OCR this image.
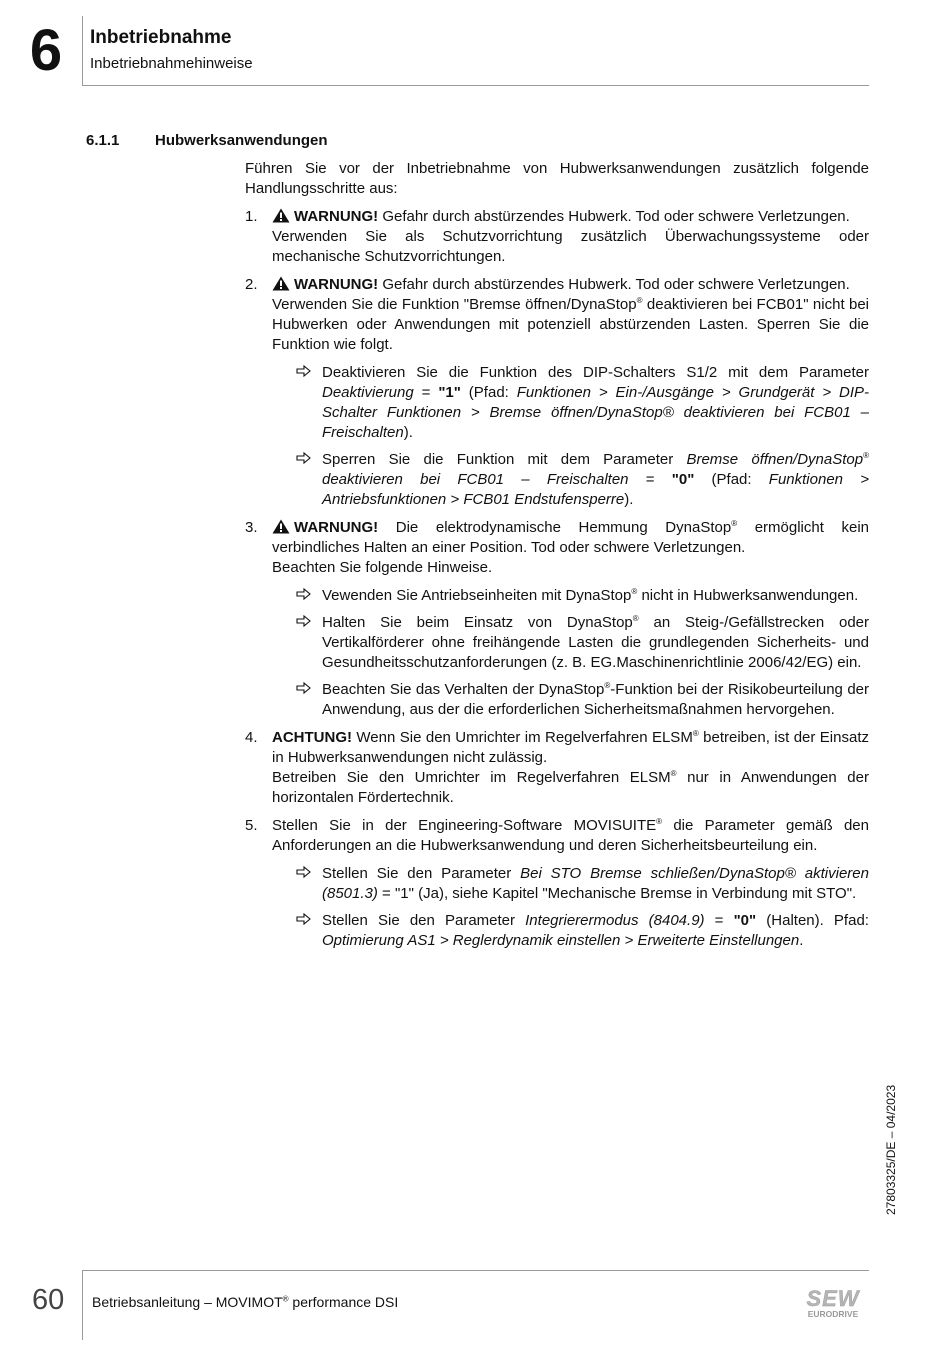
6	Inbetriebnahme
Inbetriebnahmehinweise
6.1.1 Hubwerksanwendungen

Führen Sie vor der Inbetriebnahme von Hubwerksanwendungen zusätzlich folgende Handlungsschritte aus:

1.	WARNUNG! Gefahr durch abstürzendes Hubwerk. Tod oder schwere Verletzungen.

Verwenden Sie als Schutzvorrichtung zusätzlich Überwachungssysteme oder mechanische Schutzvorrichtungen.

2.	WARNUNG! Gefahr durch abstürzendes Hubwerk. Tod oder schwere Verletzungen.

Verwenden Sie die Funktion "Bremse öffnen/DynaStop® deaktivieren bei FCB01" nicht bei Hubwerken oder Anwendungen mit potenziell abstürzenden Lasten. Sperren Sie die Funktion wie folgt.

Deaktivieren Sie die Funktion des DIP-Schalters S1/2 mit dem Parameter Deaktivierung = "1" (Pfad: Funktionen > Ein-/Ausgänge > Grundgerät > DIP-Schalter Funktionen > Bremse öffnen/DynaStop® deaktivieren bei FCB01 – Freischalten).
Sperren Sie die Funktion mit dem Parameter Bremse öffnen/DynaStop® deaktivieren bei FCB01 – Freischalten = "0" (Pfad: Funktionen > Antriebsfunktionen > FCB01 Endstufensperre).
3.	WARNUNG! Die elektrodynamische Hemmung DynaStop® ermöglicht kein verbindliches Halten an einer Position. Tod oder schwere Verletzungen.

Beachten Sie folgende Hinweise.

Vewenden Sie Antriebseinheiten mit DynaStop® nicht in Hubwerksanwendungen.
Halten Sie beim Einsatz von DynaStop® an Steig-/Gefällstrecken oder Vertikalförderer ohne freihängende Lasten die grundlegenden Sicherheits- und Gesundheitsschutzanforderungen (z. B. EG.Maschinenrichtlinie 2006/42/EG) ein.
Beachten Sie das Verhalten der DynaStop®-Funktion bei der Risikobeurteilung der Anwendung, aus der die erforderlichen Sicherheitsmaßnahmen hervorgehen.
4. ACHTUNG! Wenn Sie den Umrichter im Regelverfahren ELSM® betreiben, ist der Einsatz in Hubwerksanwendungen nicht zulässig.

Betreiben Sie den Umrichter im Regelverfahren ELSM® nur in Anwendungen der horizontalen Fördertechnik.

5. Stellen Sie in der Engineering-Software MOVISUITE® die Parameter gemäß den Anforderungen an die Hubwerksanwendung und deren Sicherheitsbeurteilung ein.

Stellen Sie den Parameter Bei STO Bremse schließen/DynaStop® aktivieren (8501.3) = "1" (Ja), siehe Kapitel "Mechanische Bremse in Verbindung mit STO".
Stellen Sie den Parameter Integrierermodus (8404.9) = "0" (Halten). Pfad: Optimierung AS1 > Reglerdynamik einstellen > Erweiterte Einstellungen.
27803325/DE – 04/2023
60 Betriebsanleitung – MOVIMOT® performance DSI	SEW
EURODRIVE
